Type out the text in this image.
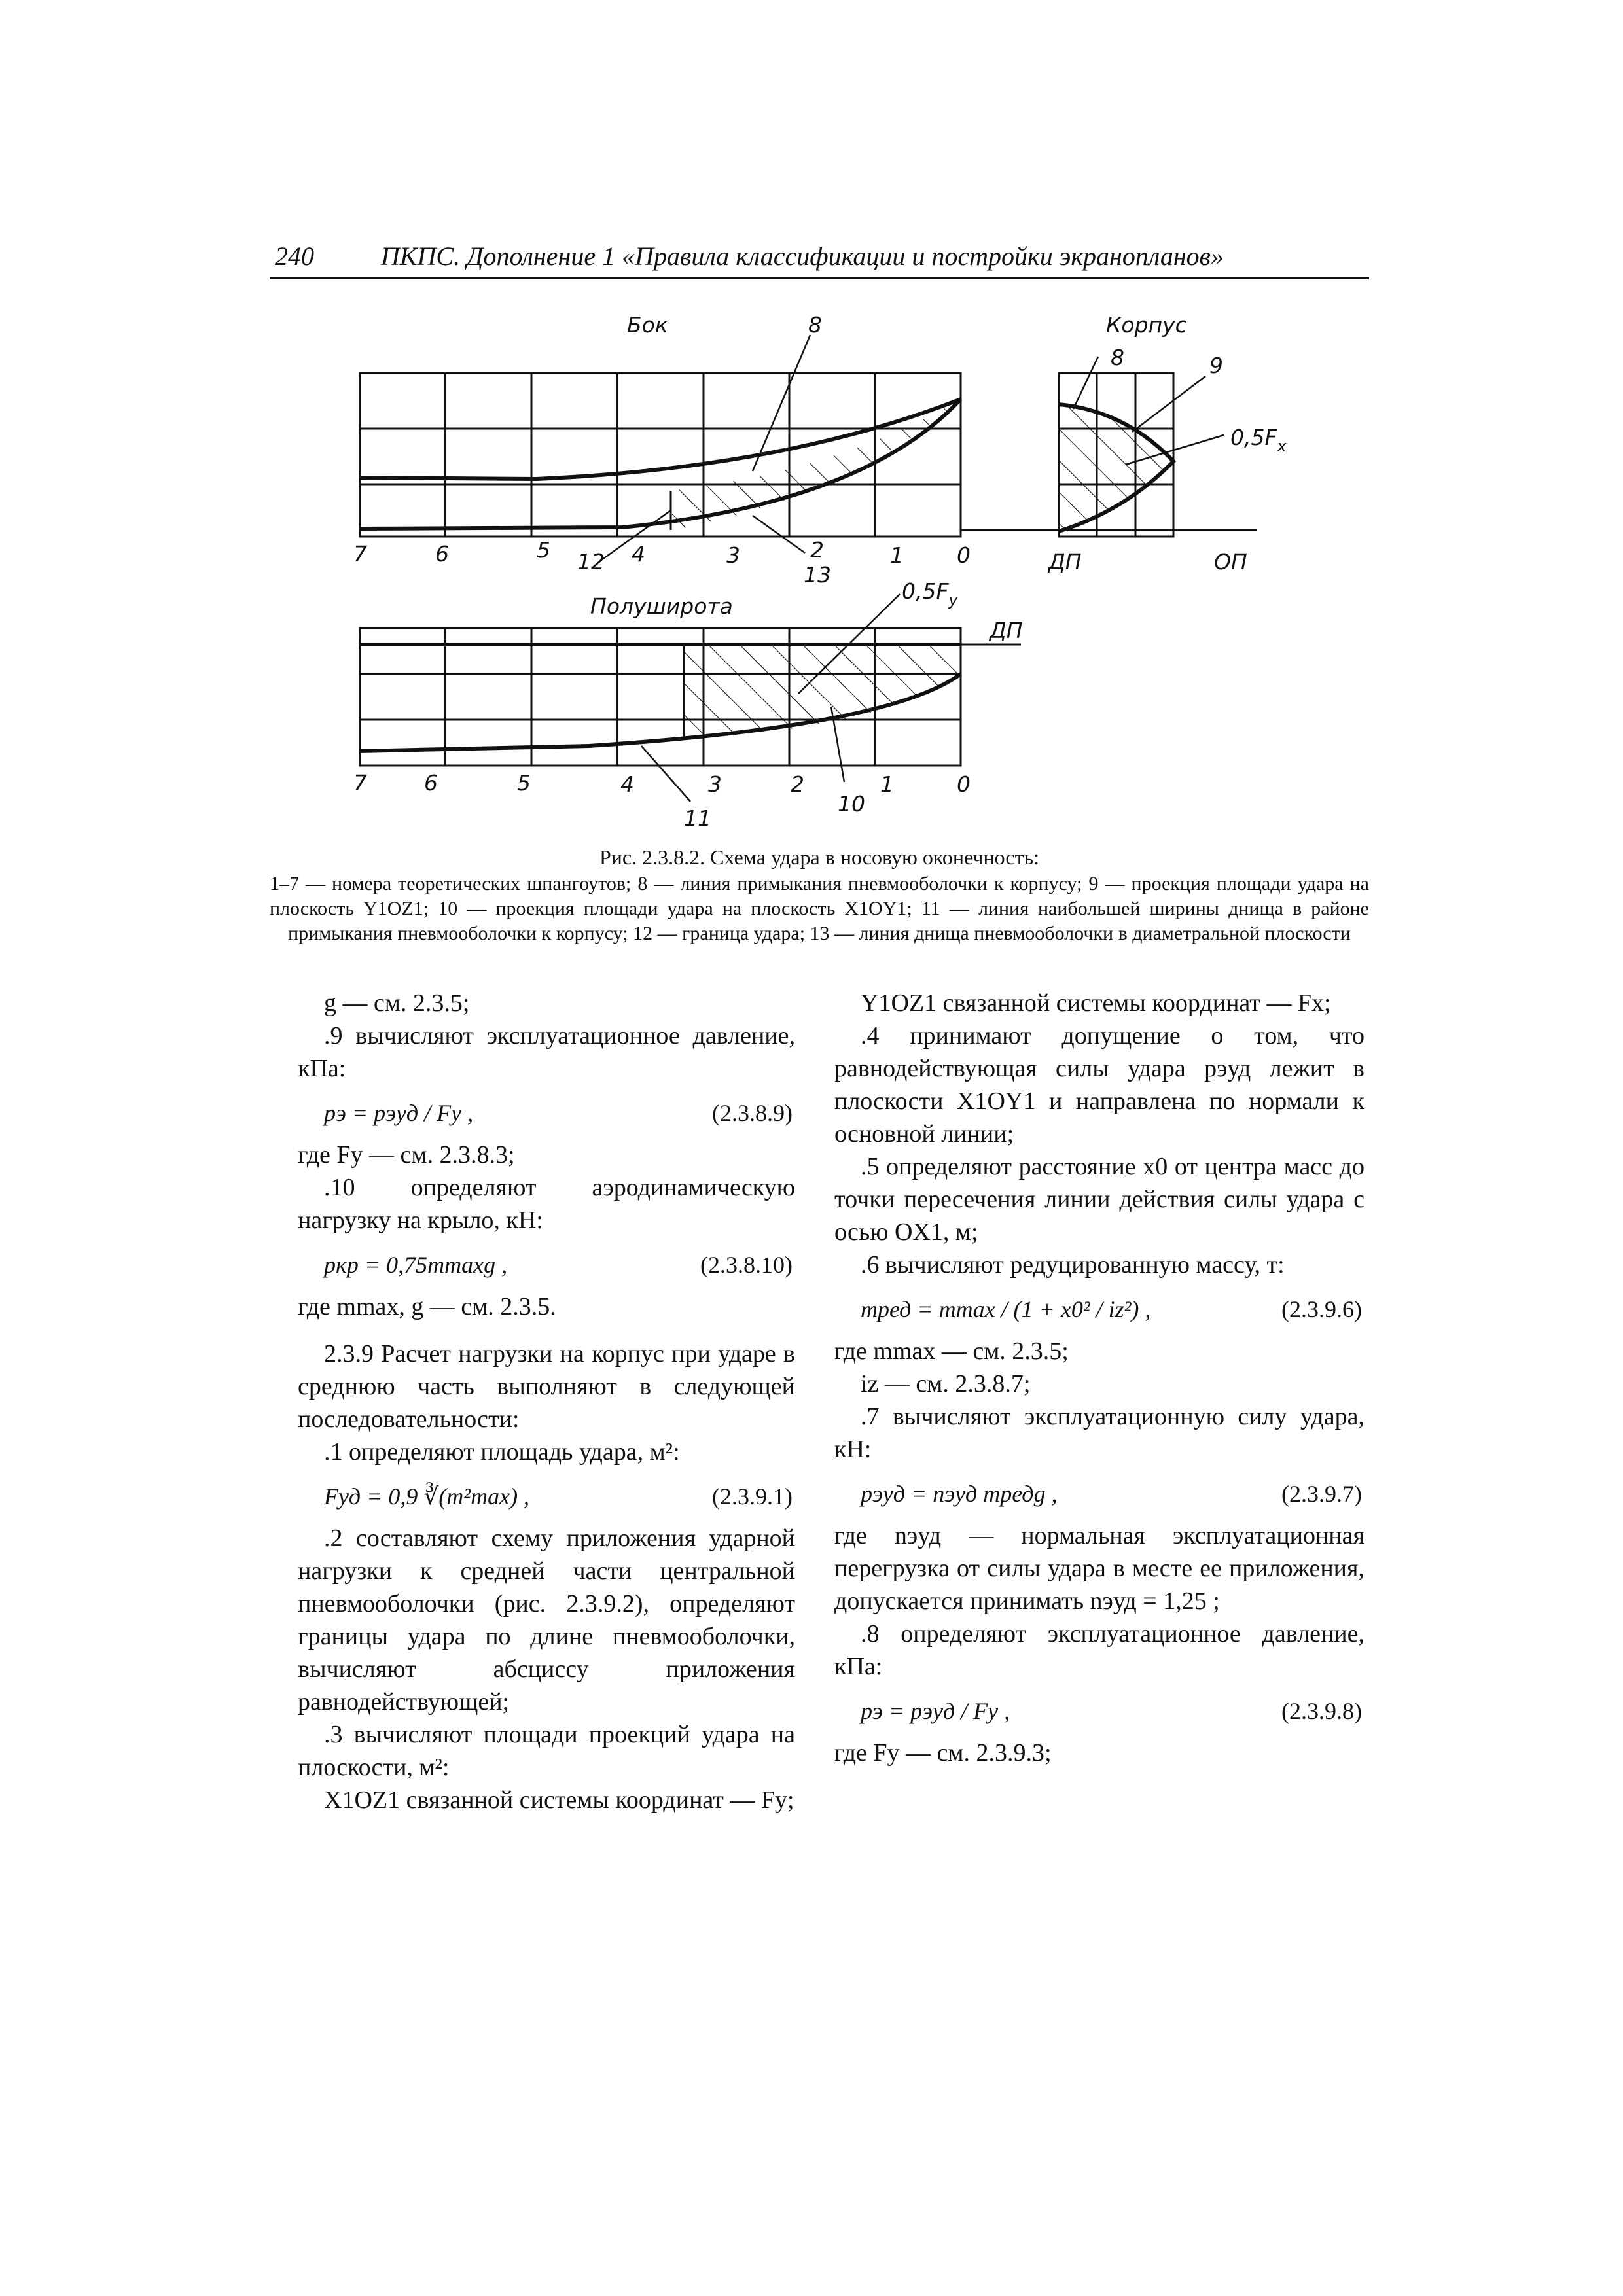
240	ПКПС. Дополнение 1 «Правила классификации и постройки экранопланов»
Бок	8	Корпус
8	9
$0,5F_x$
7	6	5	4	3	2	1 0
12
13
ДП	ОП
Полуширота
$0,5F_y$
ДП
7	6	5	4	3	2	1	0
11
10
Рис. 2.3.8.2. Схема удара в носовую оконечность:
1–7 — номера теоретических шпангоутов; 8 — линия примыкания пневмооболочки к корпусу; 9 — проекция площади удара на плоскость Y1OZ1; 10 — проекция площади удара на плоскость X1OY1; 11 — линия наибольшей ширины днища в районе примыкания пневмооболочки к корпусу; 12 — граница удара; 13 — линия днища пневмооболочки в диаметральной плоскости

g — см. 2.3.5;

.9 вычисляют эксплуатационное давление, кПа:

pэ = pэуд / Fy ,	(2.3.8.9)

где Fy — см. 2.3.8.3;

.10 определяют аэродинамическую нагрузку на крыло, кН:

pкр = 0,75mmaxg ,	(2.3.8.10)

где mmax, g — см. 2.3.5.

2.3.9 Расчет нагрузки на корпус при ударе в среднюю часть выполняют в следующей последовательности:

.1 определяют площадь удара, м²:

Fуд = 0,9 ∛(m²max) ,	(2.3.9.1)

.2 составляют схему приложения ударной нагрузки к средней части центральной пневмооболочки (рис. 2.3.9.2), определяют границы удара по длине пневмооболочки, вычисляют абсциссу приложения равнодействующей;

.3 вычисляют площади проекций удара на плоскости, м²:

X1OZ1 связанной системы координат — Fy;

Y1OZ1 связанной системы координат — Fx;

.4 принимают допущение о том, что равнодействующая силы удара pэуд лежит в плоскости X1OY1 и направлена по нормали к основной линии;

.5 определяют расстояние x0 от центра масс до точки пересечения линии действия силы удара с осью OX1, м;

.6 вычисляют редуцированную массу, т:

mред = mmax / (1 + x0² / iz²) ,	(2.3.9.6)

где mmax — см. 2.3.5;

iz — см. 2.3.8.7;

.7 вычисляют эксплуатационную силу удара, кН:

pэуд = nэуд mредg ,	(2.3.9.7)

где nэуд — нормальная эксплуатационная перегрузка от силы удара в месте ее приложения, допускается принимать nэуд = 1,25 ;

.8 определяют эксплуатационное давление, кПа:

pэ = pэуд / Fy ,	(2.3.9.8)

где Fy — см. 2.3.9.3;
